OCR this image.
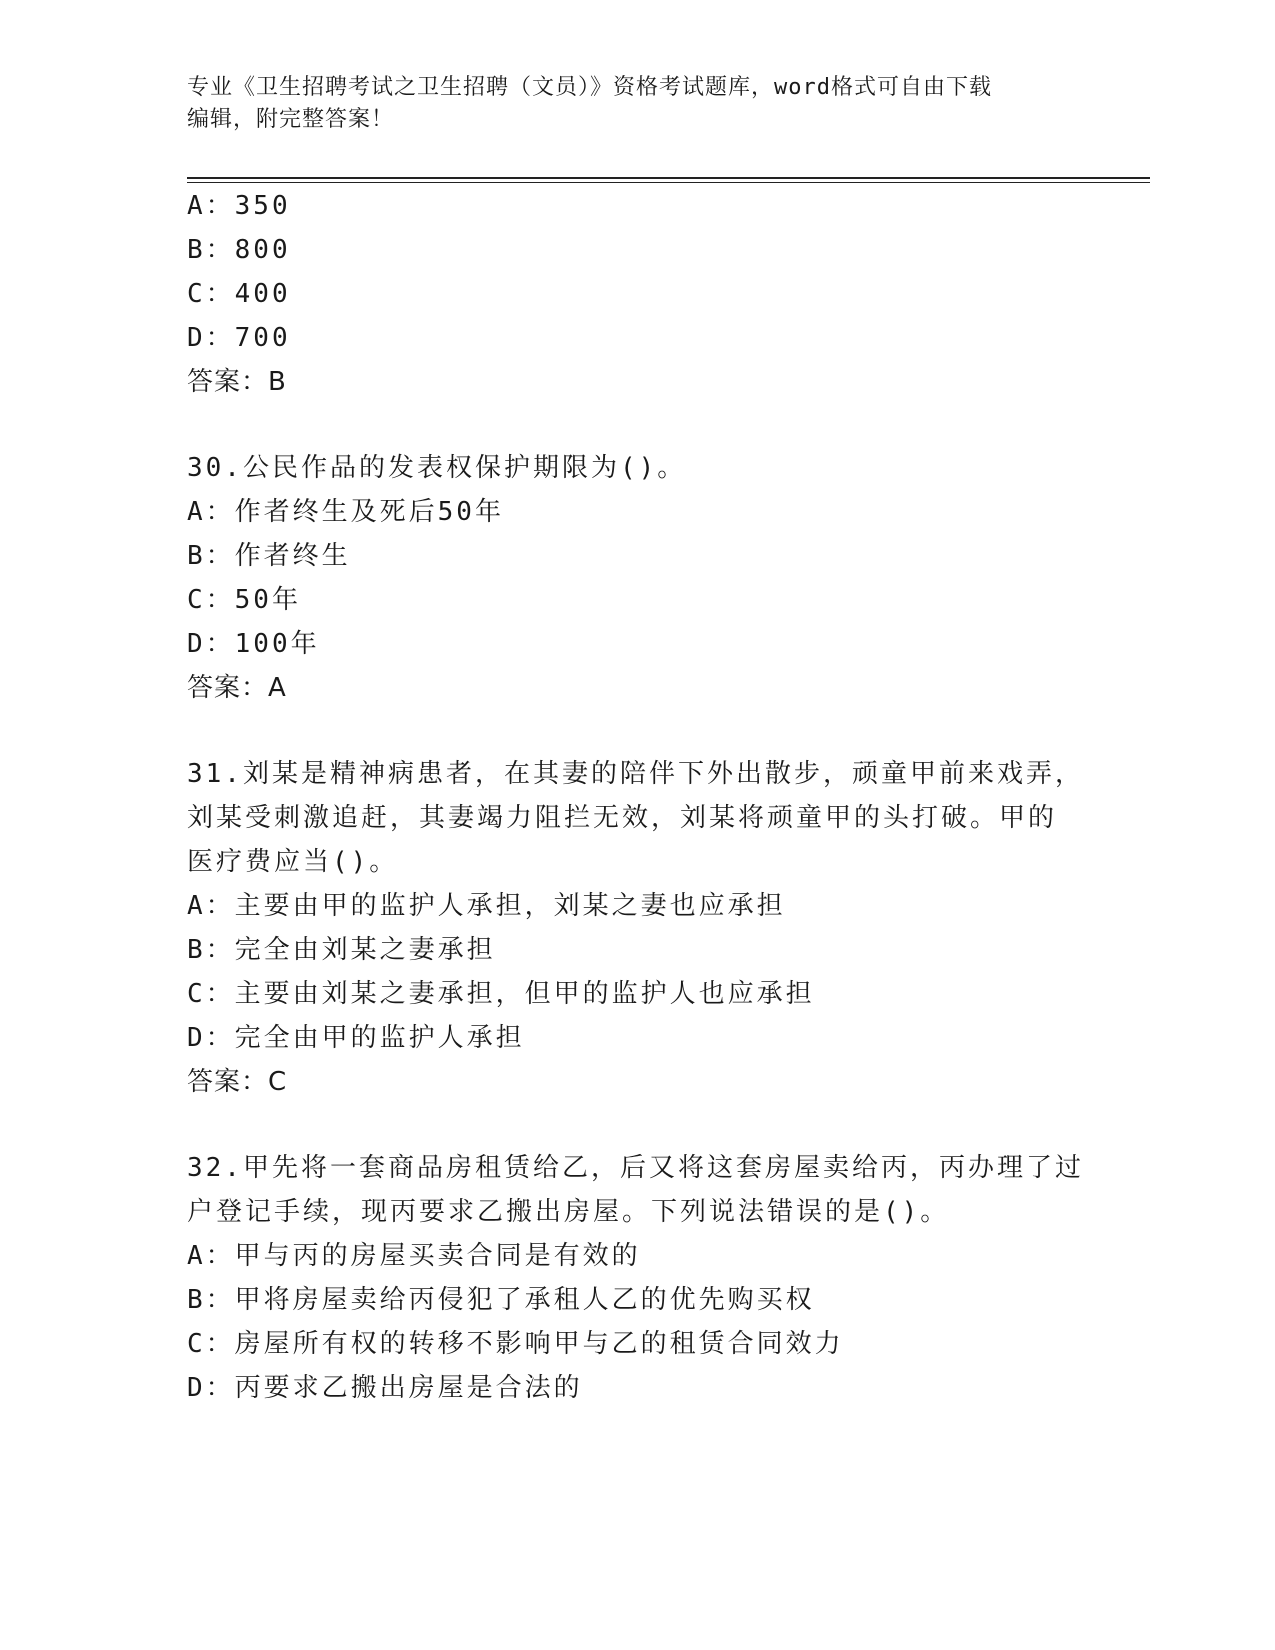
专业《卫生招聘考试之卫生招聘（文员）》资格考试题库，word格式可自由下载
编辑，附完整答案！
A：350
B：800
C：400
D：700
答案：B
30.公民作品的发表权保护期限为()。
A：作者终生及死后50年
B：作者终生
C：50年
D：100年
答案：A
31.刘某是精神病患者，在其妻的陪伴下外出散步，顽童甲前来戏弄，
刘某受刺激追赶，其妻竭力阻拦无效，刘某将顽童甲的头打破。甲的
医疗费应当()。
A：主要由甲的监护人承担，刘某之妻也应承担
B：完全由刘某之妻承担
C：主要由刘某之妻承担，但甲的监护人也应承担
D：完全由甲的监护人承担
答案：C
32.甲先将一套商品房租赁给乙，后又将这套房屋卖给丙，丙办理了过
户登记手续，现丙要求乙搬出房屋。下列说法错误的是()。
A：甲与丙的房屋买卖合同是有效的
B：甲将房屋卖给丙侵犯了承租人乙的优先购买权
C：房屋所有权的转移不影响甲与乙的租赁合同效力
D：丙要求乙搬出房屋是合法的
